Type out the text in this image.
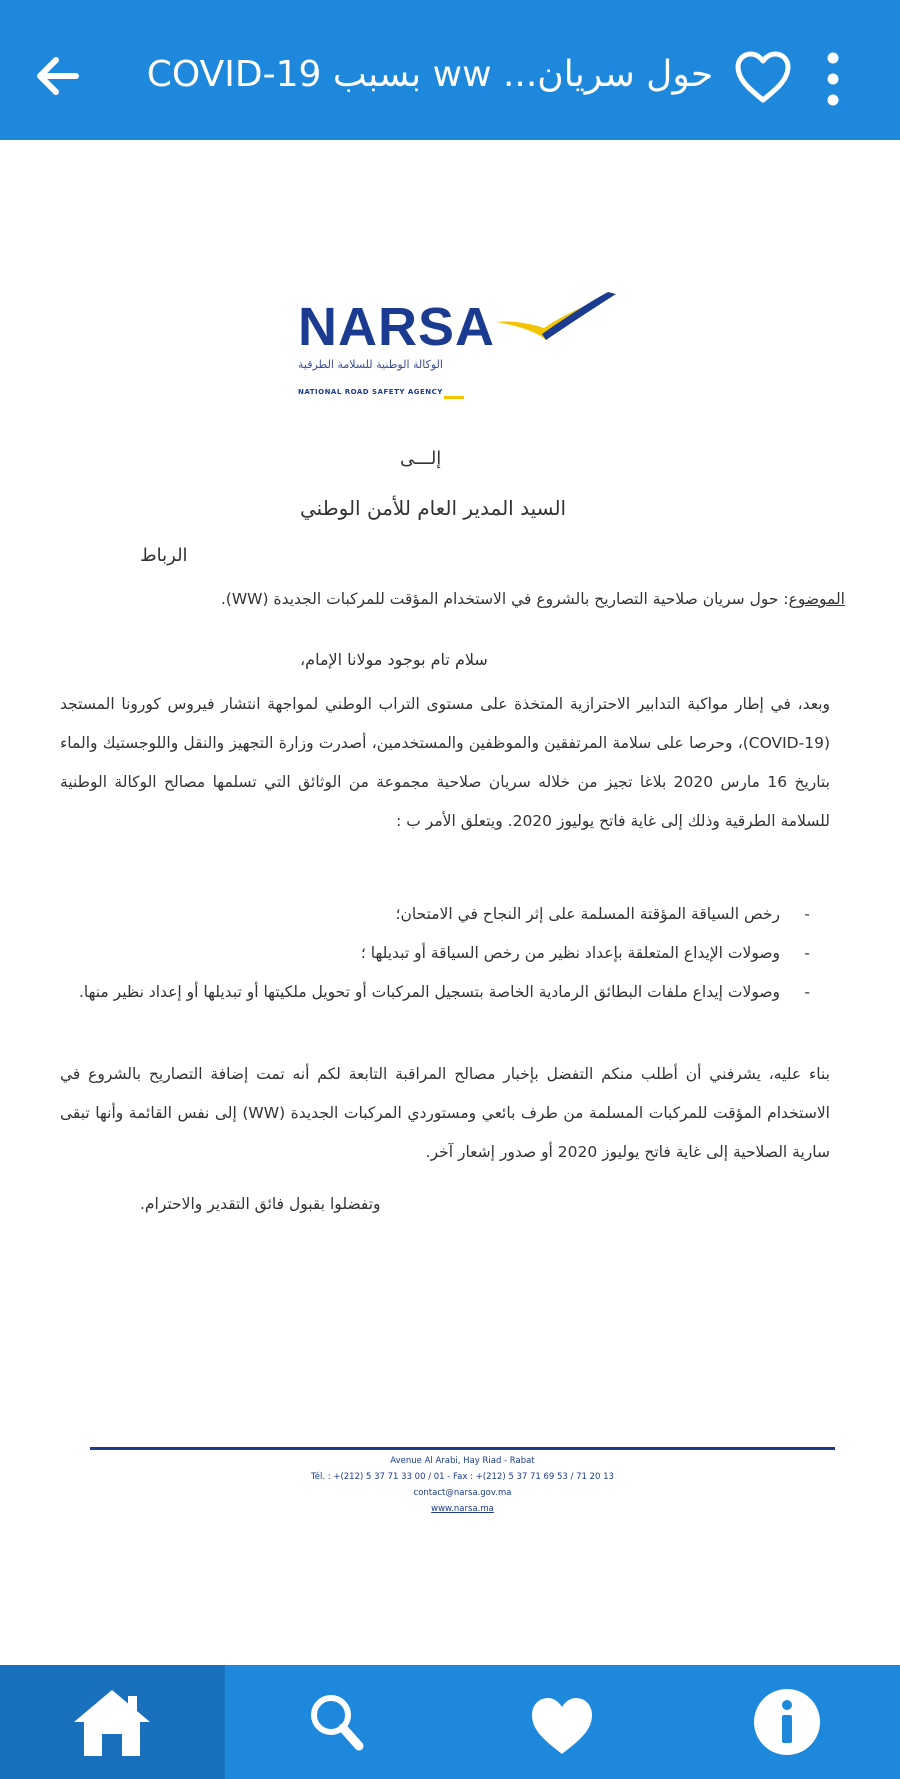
حول سريان... ww بسبب COVID-19
NARSA
الوكالة الوطنية للسلامة الطرقية
NATIONAL ROAD SAFETY AGENCY
إلـــى
السيد المدير العام للأمن الوطني
الرباط
الموضوع: حول سريان صلاحية التصاريح بالشروع في الاستخدام المؤقت للمركبات الجديدة (WW).
سلام تام بوجود مولانا الإمام،
وبعد، في إطار مواكبة التدابير الاحترازية المتخذة على مستوى التراب الوطني لمواجهة انتشار فيروس كورونا المستجد (COVID-19)، وحرصا على سلامة المرتفقين والموظفين والمستخدمين، أصدرت وزارة التجهيز والنقل واللوجستيك والماء بتاريخ 16 مارس 2020 بلاغا تجيز من خلاله سريان صلاحية مجموعة من الوثائق التي تسلمها مصالح الوكالة الوطنية للسلامة الطرقية وذلك إلى غاية فاتح يوليوز 2020. ويتعلق الأمر ب :
- رخص السياقة المؤقتة المسلمة على إثر النجاح في الامتحان؛
- وصولات الإيداع المتعلقة بإعداد نظير من رخص السياقة أو تبديلها ؛
- وصولات إيداع ملفات البطائق الرمادية الخاصة بتسجيل المركبات أو تحويل ملكيتها أو تبديلها أو إعداد نظير منها.
بناء عليه، يشرفني أن أطلب منكم التفضل بإخبار مصالح المراقبة التابعة لكم أنه تمت إضافة التصاريح بالشروع في الاستخدام المؤقت للمركبات المسلمة من طرف بائعي ومستوردي المركبات الجديدة (WW) إلى نفس القائمة وأنها تبقى سارية الصلاحية إلى غاية فاتح يوليوز 2020 أو صدور إشعار آخر.
وتفضلوا بقبول فائق التقدير والاحترام.
Avenue Al Arabi, Hay Riad - Rabat
Tél. : +(212) 5 37 71 33 00 / 01 - Fax : +(212) 5 37 71 69 53 / 71 20 13
contact@narsa.gov.ma
www.narsa.ma
